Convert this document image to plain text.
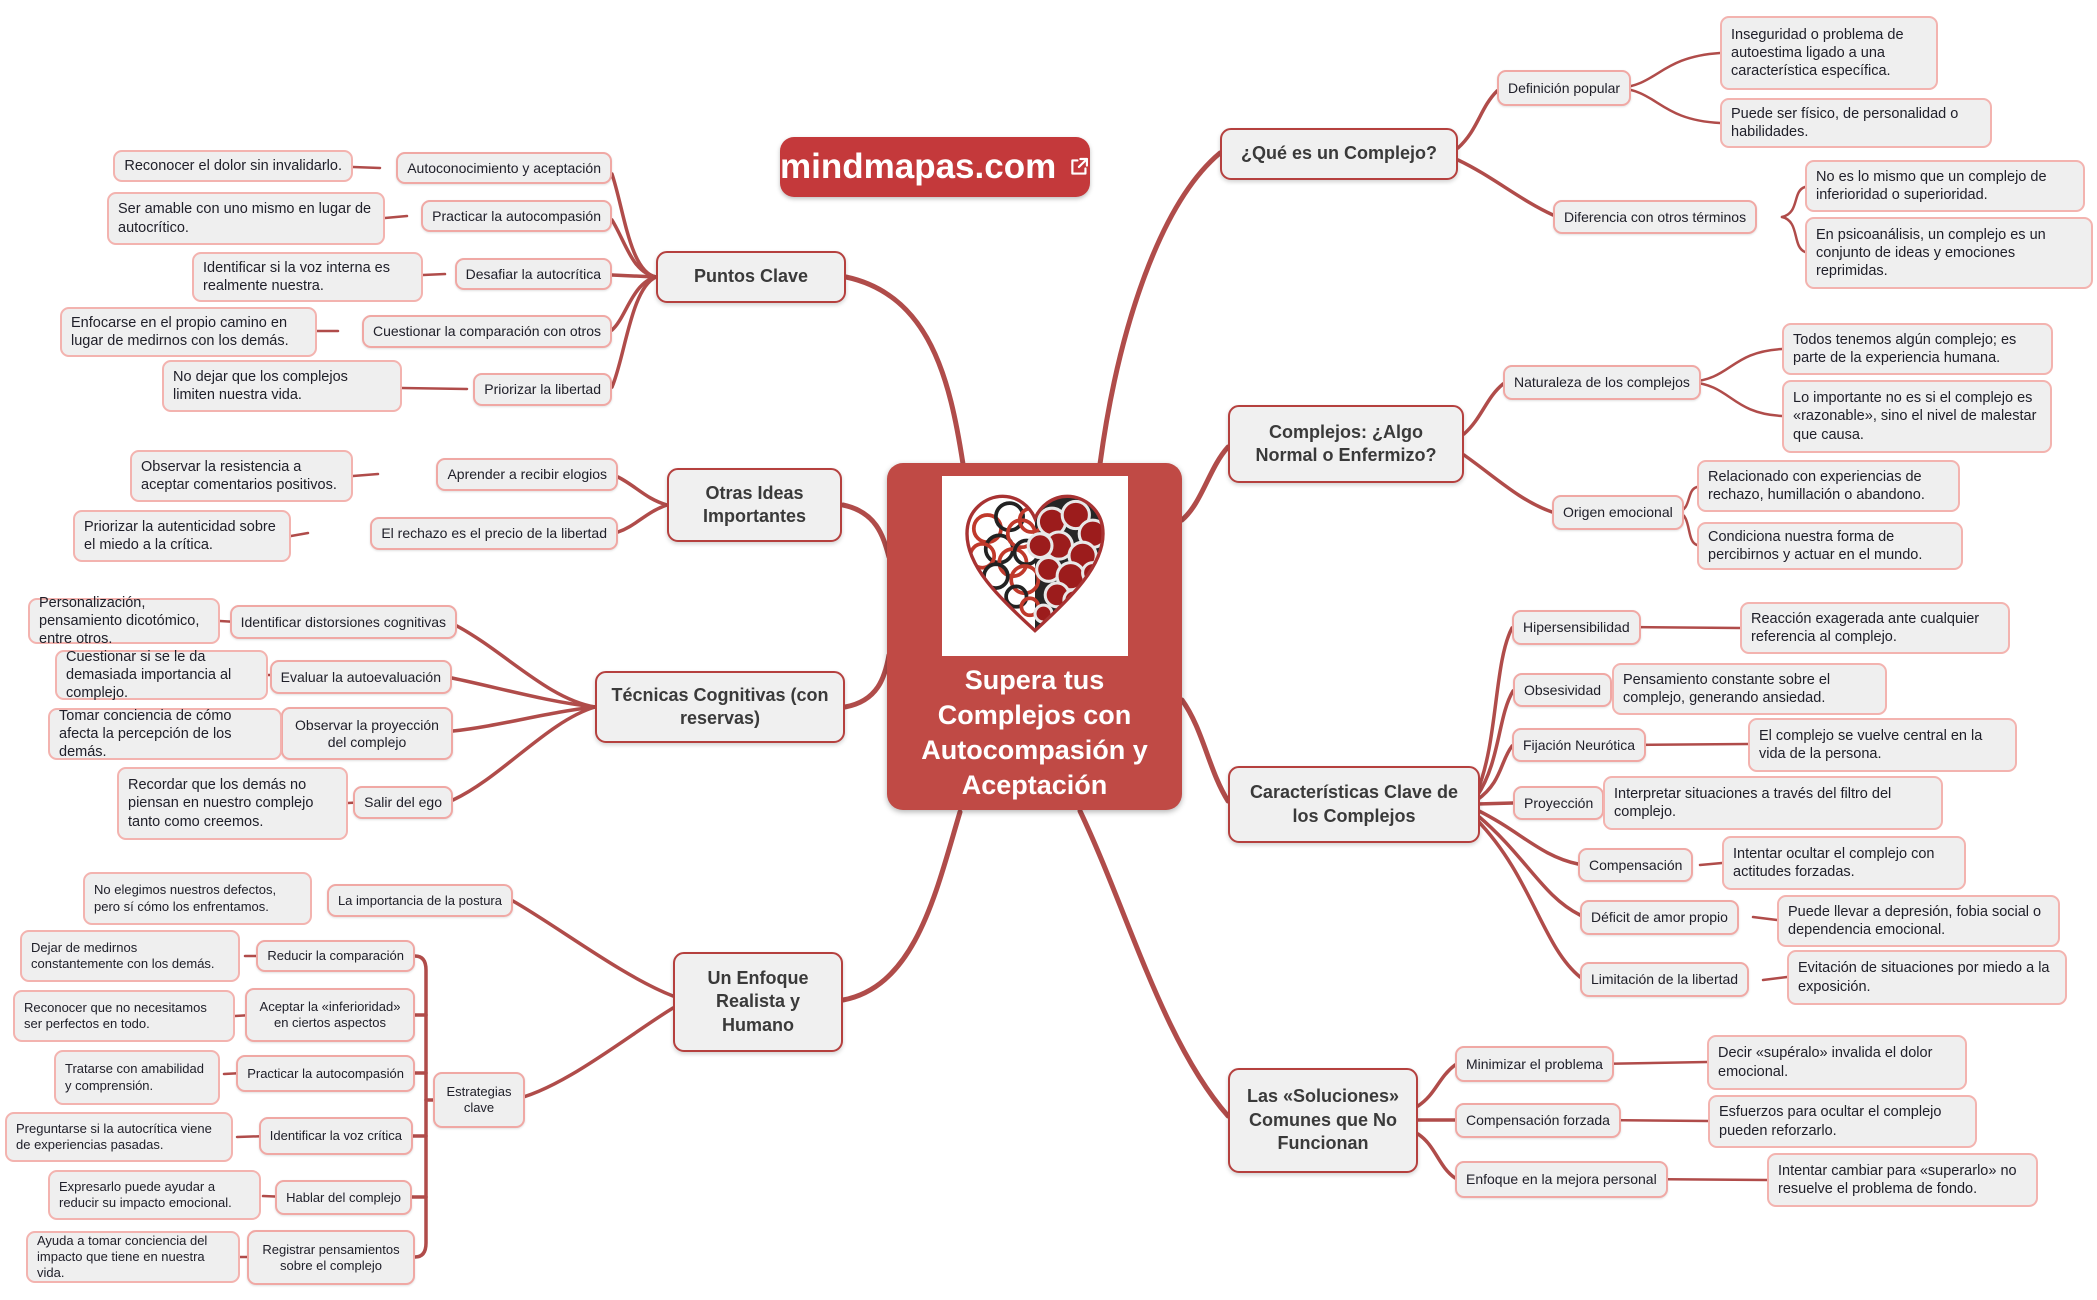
mindmapas.com
Supera tus Complejos con Autocompasión y Aceptación
Puntos Clave
Otras Ideas Importantes
Técnicas Cognitivas (con reservas)
Un Enfoque Realista y Humano
¿Qué es un Complejo?
Complejos: ¿Algo Normal o Enfermizo?
Características Clave de los Complejos
Las «Soluciones» Comunes que No Funcionan
Autoconocimiento y aceptación
Practicar la autocompasión
Desafiar la autocrítica
Cuestionar la comparación con otros
Priorizar la libertad
Reconocer el dolor sin invalidarlo.
Ser amable con uno mismo en lugar de autocrítico.
Identificar si la voz interna es realmente nuestra.
Enfocarse en el propio camino en lugar de medirnos con los demás.
No dejar que los complejos limiten nuestra vida.
Aprender a recibir elogios
El rechazo es el precio de la libertad
Observar la resistencia a aceptar comentarios positivos.
Priorizar la autenticidad sobre el miedo a la crítica.
Identificar distorsiones cognitivas
Evaluar la autoevaluación
Observar la proyección del complejo
Salir del ego
Personalización, pensamiento dicotómico, entre otros.
Cuestionar si se le da demasiada importancia al complejo.
Tomar conciencia de cómo afecta la percepción de los demás.
Recordar que los demás no piensan en nuestro complejo tanto como creemos.
La importancia de la postura
Estrategias clave
No elegimos nuestros defectos, pero sí cómo los enfrentamos.
Reducir la comparación
Aceptar la «inferioridad» en ciertos aspectos
Practicar la autocompasión
Identificar la voz crítica
Hablar del complejo
Registrar pensamientos sobre el complejo
Dejar de medirnos constantemente con los demás.
Reconocer que no necesitamos ser perfectos en todo.
Tratarse con amabilidad y comprensión.
Preguntarse si la autocrítica viene de experiencias pasadas.
Expresarlo puede ayudar a reducir su impacto emocional.
Ayuda a tomar conciencia del impacto que tiene en nuestra vida.
Definición popular
Diferencia con otros términos
Inseguridad o problema de autoestima ligado a una característica específica.
Puede ser físico, de personalidad o habilidades.
No es lo mismo que un complejo de inferioridad o superioridad.
En psicoanálisis, un complejo es un conjunto de ideas y emociones reprimidas.
Naturaleza de los complejos
Origen emocional
Todos tenemos algún complejo; es parte de la experiencia humana.
Lo importante no es si el complejo es «razonable», sino el nivel de malestar que causa.
Relacionado con experiencias de rechazo, humillación o abandono.
Condiciona nuestra forma de percibirnos y actuar en el mundo.
Hipersensibilidad
Obsesividad
Fijación Neurótica
Proyección
Compensación
Déficit de amor propio
Limitación de la libertad
Reacción exagerada ante cualquier referencia al complejo.
Pensamiento constante sobre el complejo, generando ansiedad.
El complejo se vuelve central en la vida de la persona.
Interpretar situaciones a través del filtro del complejo.
Intentar ocultar el complejo con actitudes forzadas.
Puede llevar a depresión, fobia social o dependencia emocional.
Evitación de situaciones por miedo a la exposición.
Minimizar el problema
Compensación forzada
Enfoque en la mejora personal
Decir «supéralo» invalida el dolor emocional.
Esfuerzos para ocultar el complejo pueden reforzarlo.
Intentar cambiar para «superarlo» no resuelve el problema de fondo.
